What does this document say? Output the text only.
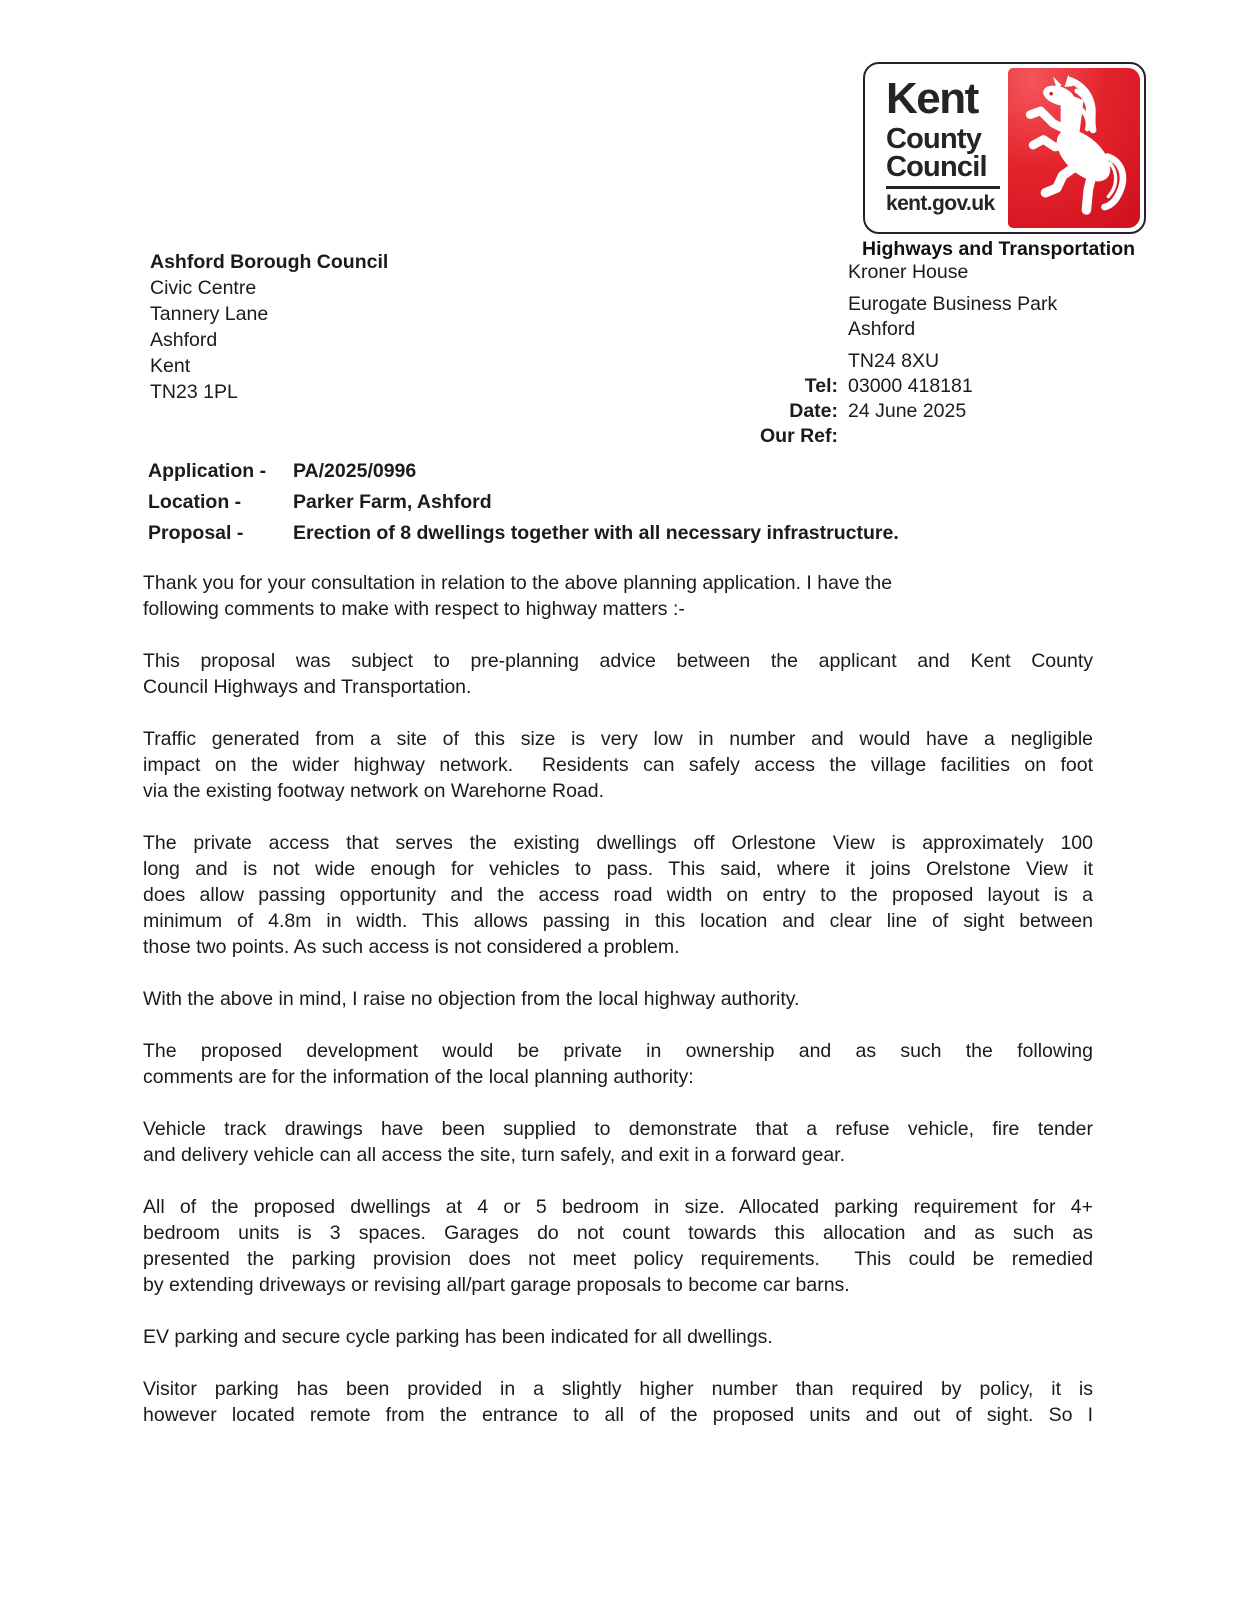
Kent
County
Council
kent.gov.uk
Highways and Transportation
Kroner House
Eurogate Business Park
Ashford
TN24 8XU
Tel: 03000 418181
Date: 24 June 2025
Our Ref:
Ashford Borough Council
Civic Centre
Tannery Lane
Ashford
Kent
TN23 1PL
Application -	PA/2025/0996
Location -	Parker Farm, Ashford
Proposal -	Erection of 8 dwellings together with all necessary infrastructure.
Thank you for your consultation in relation to the above planning application. I have the
following comments to make with respect to highway matters :-
This proposal was subject to pre-planning advice between the applicant and Kent County
Council Highways and Transportation.
Traffic generated from a site of this size is very low in number and would have a negligible
impact on the wider highway network.  Residents can safely access the village facilities on foot
via the existing footway network on Warehorne Road.
The private access that serves the existing dwellings off Orlestone View is approximately 100
long and is not wide enough for vehicles to pass. This said, where it joins Orelstone View it
does allow passing opportunity and the access road width on entry to the proposed layout is a
minimum of 4.8m in width. This allows passing in this location and clear line of sight between
those two points. As such access is not considered a problem.
With the above in mind, I raise no objection from the local highway authority.
The proposed development would be private in ownership and as such the following
comments are for the information of the local planning authority:
Vehicle track drawings have been supplied to demonstrate that a refuse vehicle, fire tender
and delivery vehicle can all access the site, turn safely, and exit in a forward gear.
All of the proposed dwellings at 4 or 5 bedroom in size. Allocated parking requirement for 4+
bedroom units is 3 spaces. Garages do not count towards this allocation and as such as
presented the parking provision does not meet policy requirements.  This could be remedied
by extending driveways or revising all/part garage proposals to become car barns.
EV parking and secure cycle parking has been indicated for all dwellings.
Visitor parking has been provided in a slightly higher number than required by policy, it is
however located remote from the entrance to all of the proposed units and out of sight. So I
